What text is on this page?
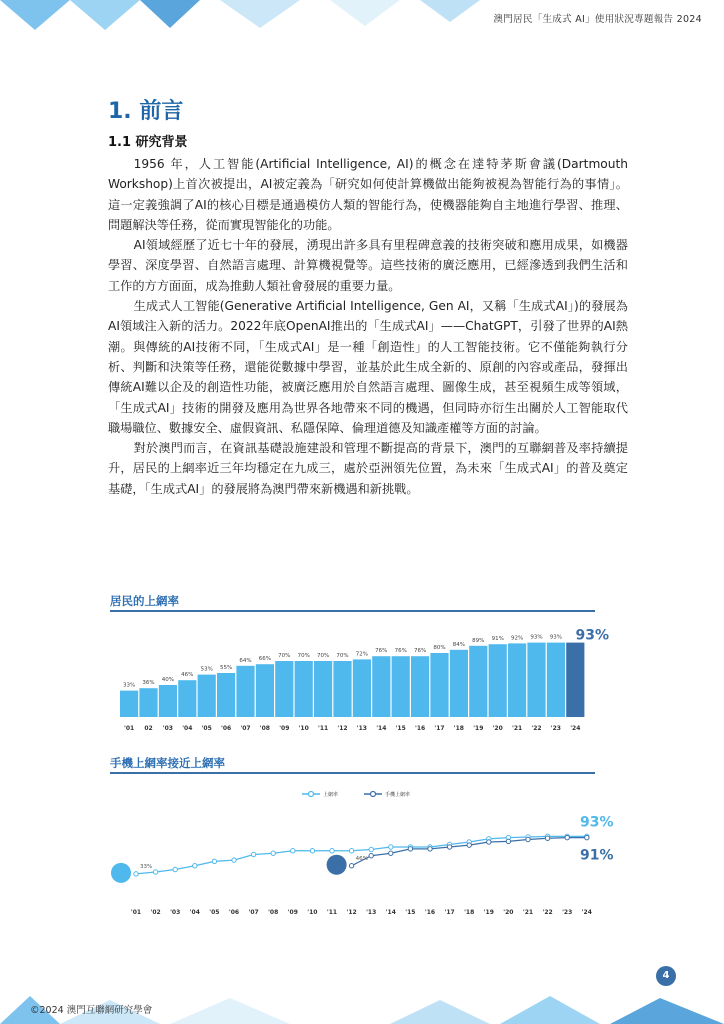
澳門居民「生成式 AI」使用狀況專題報告 2024
1. 前言
1.1 研究背景

1956 年，人工智能(Artificial Intelligence, AI)的概念在達特茅斯會議(Dartmouth Workshop)上首次被提出，AI被定義為「研究如何使計算機做出能夠被視為智能行為的事情」。這一定義強調了AI的核心目標是通過模仿人類的智能行為，使機器能夠自主地進行學習、推理、問題解決等任務，從而實現智能化的功能。

AI領域經歷了近七十年的發展，湧現出許多具有里程碑意義的技術突破和應用成果，如機器學習、深度學習、自然語言處理、計算機視覺等。這些技術的廣泛應用，已經滲透到我們生活和工作的方方面面，成為推動人類社會發展的重要力量。

生成式人工智能(Generative Artificial Intelligence, Gen AI，又稱「生成式AI」)的發展為AI領域注入新的活力。2022年底OpenAI推出的「生成式AI」——ChatGPT，引發了世界的AI熱潮。與傳統的AI技術不同，「生成式AI」是一種「創造性」的人工智能技術。它不僅能夠執行分析、判斷和決策等任務，還能從數據中學習，並基於此生成全新的、原創的內容或產品，發揮出傳統AI難以企及的創造性功能，被廣泛應用於自然語言處理、圖像生成，甚至視頻生成等領域，「生成式AI」技術的開發及應用為世界各地帶來不同的機遇，但同時亦衍生出關於人工智能取代職場職位、數據安全、虛假資訊、私隱保障、倫理道德及知識產權等方面的討論。

對於澳門而言，在資訊基礎設施建設和管理不斷提高的背景下，澳門的互聯網普及率持續提升，居民的上網率近三年均穩定在九成三，處於亞洲領先位置，為未來「生成式AI」的普及奠定基礎，「生成式AI」的發展將為澳門帶來新機遇和新挑戰。

居民的上網率
33%
'01
36%
02
40%
'03
46%
'04
53%
'05
55%
'06
64%
'07
66%
'08
70%
'09
70%
'10
70%
'11
70%
'12
72%
'13
76%
'14
76%
'15
76%
'16
80%
'17
84%
'18
89%
'19
91%
'20
92%
'21
93%
'22
93%
'23 '24
93%
手機上網率接近上網率
上網率	手機上網率
33%
93%
46%	91%
'01 '02 '03 '04 '05 '06 '07 '08 '09 '10 '11 '12 '13 '14 '15 '16 '17 '18 '19 '20 '21 '22 '23 '24
4
©2024 澳門互聯網研究學會
